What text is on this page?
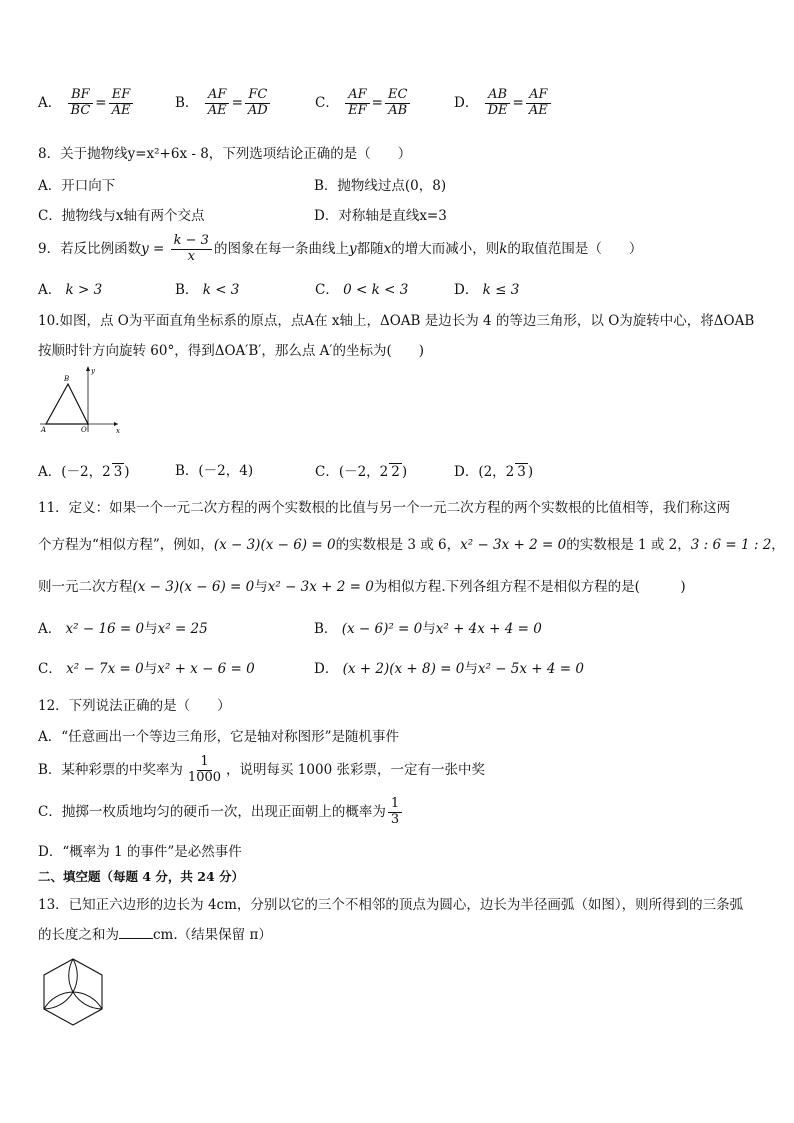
A． $\frac{BF}{BC} = \frac{EF}{AE}$	B． $\frac{AF}{AE} = \frac{FC}{AD}$	C． $\frac{AF}{EF} = \frac{EC}{AB}$	D． $\frac{AB}{DE} = \frac{AF}{AE}$
8．关于抛物线y=x²+6x - 8，下列选项结论正确的是（　　）
A．开口向下	B．抛物线过点(0，8)
C．抛物线与x轴有两个交点	D．对称轴是直线x=3
9．若反比例函数$y = \frac{k - 3}{x}$ 的图象在每一条曲线上y都随x的增大而减小，则k的取值范围是（　　）
A． k > 3	B． k < 3	C． 0 < k < 3	D． k ≤ 3
10.如图，点 O为平面直角坐标系的原点，点A在 x轴上，ΔOAB 是边长为 4 的等边三角形，以 O为旋转中心，将ΔOAB
按顺时针方向旋转 60°，得到ΔOA′B′，那么点 A′的坐标为(　　)
B
y
A	O	x
A．(－2，2 3 )	B．(－2，4)	C．(－2，2 2 )	D．(2，2 3 )
11．定义：如果一个一元二次方程的两个实数根的比值与另一个一元二次方程的两个实数根的比值相等，我们称这两
个方程为“相似方程”，例如，(x − 3)(x − 6) = 0的实数根是 3 或 6，x² − 3x + 2 = 0的实数根是 1 或 2，3 : 6 = 1 : 2，
则一元二次方程(x − 3)(x − 6) = 0与x² − 3x + 2 = 0为相似方程.下列各组方程不是相似方程的是(　　　)
A． x² − 16 = 0与x² = 25	B． (x − 6)² = 0与x² + 4x + 4 = 0
C． x² − 7x = 0与x² + x − 6 = 0	D． (x + 2)(x + 8) = 0与x² − 5x + 4 = 0
12．下列说法正确的是（　　）
A．“任意画出一个等边三角形，它是轴对称图形”是随机事件
B．某种彩票的中奖率为 $\frac{1}{1000}$ ，说明每买 1000 张彩票，一定有一张中奖
C．抛掷一枚质地均匀的硬币一次，出现正面朝上的概率为 $\frac{1}{3}$
D．“概率为 1 的事件”是必然事件
二、填空题（每题 4 分，共 24 分）
13．已知正六边形的边长为 4cm，分别以它的三个不相邻的顶点为圆心，边长为半径画弧（如图），则所得到的三条弧
的长度之和为	cm.（结果保留 π）
